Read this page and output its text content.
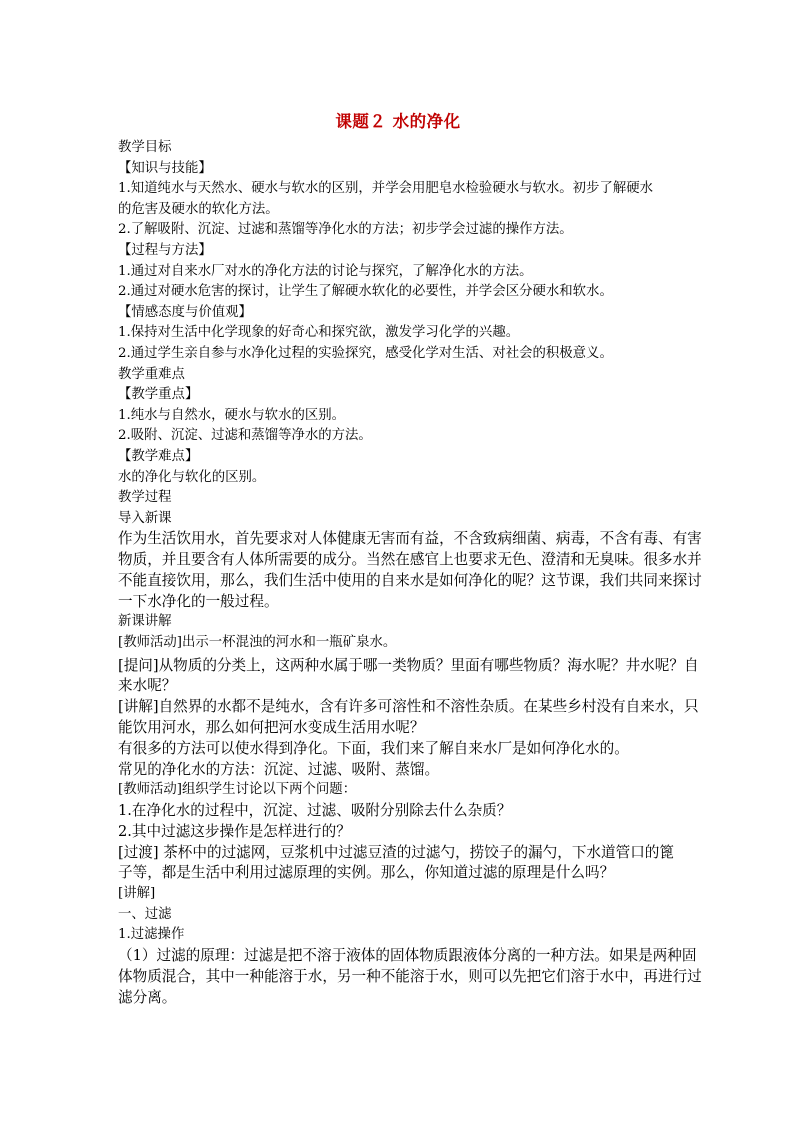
课题２ 水的净化
教学目标
【知识与技能】
1.知道纯水与天然水、硬水与软水的区别，并学会用肥皂水检验硬水与软水。初步了解硬水
的危害及硬水的软化方法。
2.了解吸附、沉淀、过滤和蒸馏等净化水的方法；初步学会过滤的操作方法。
【过程与方法】
1.通过对自来水厂对水的净化方法的讨论与探究，了解净化水的方法。
2.通过对硬水危害的探讨，让学生了解硬水软化的必要性，并学会区分硬水和软水。
【情感态度与价值观】
1.保持对生活中化学现象的好奇心和探究欲，激发学习化学的兴趣。
2.通过学生亲自参与水净化过程的实验探究，感受化学对生活、对社会的积极意义。
教学重难点
【教学重点】
1.纯水与自然水，硬水与软水的区别。
2.吸附、沉淀、过滤和蒸馏等净水的方法。
【教学难点】
水的净化与软化的区别。
教学过程
导入新课
作为生活饮用水，首先要求对人体健康无害而有益，不含致病细菌、病毒，不含有毒、有害
物质，并且要含有人体所需要的成分。当然在感官上也要求无色、澄清和无臭味。很多水并
不能直接饮用，那么，我们生活中使用的自来水是如何净化的呢？这节课，我们共同来探讨
一下水净化的一般过程。
新课讲解
[教师活动]出示一杯混浊的河水和一瓶矿泉水。
[提问]从物质的分类上，这两种水属于哪一类物质？里面有哪些物质？海水呢？井水呢？自
来水呢？
[讲解]自然界的水都不是纯水，含有许多可溶性和不溶性杂质。在某些乡村没有自来水，只
能饮用河水，那么如何把河水变成生活用水呢？
有很多的方法可以使水得到净化。下面，我们来了解自来水厂是如何净化水的。
常见的净化水的方法：沉淀、过滤、吸附、蒸馏。
[教师活动]组织学生讨论以下两个问题：
1.在净化水的过程中，沉淀、过滤、吸附分别除去什么杂质？
2.其中过滤这步操作是怎样进行的？
[过渡] 茶杯中的过滤网，豆浆机中过滤豆渣的过滤勺，捞饺子的漏勺，下水道管口的篦
子等，都是生活中利用过滤原理的实例。那么，你知道过滤的原理是什么吗？
[讲解]
一、过滤
1.过滤操作
（1）过滤的原理：过滤是把不溶于液体的固体物质跟液体分离的一种方法。如果是两种固
体物质混合，其中一种能溶于水，另一种不能溶于水，则可以先把它们溶于水中，再进行过
滤分离。
